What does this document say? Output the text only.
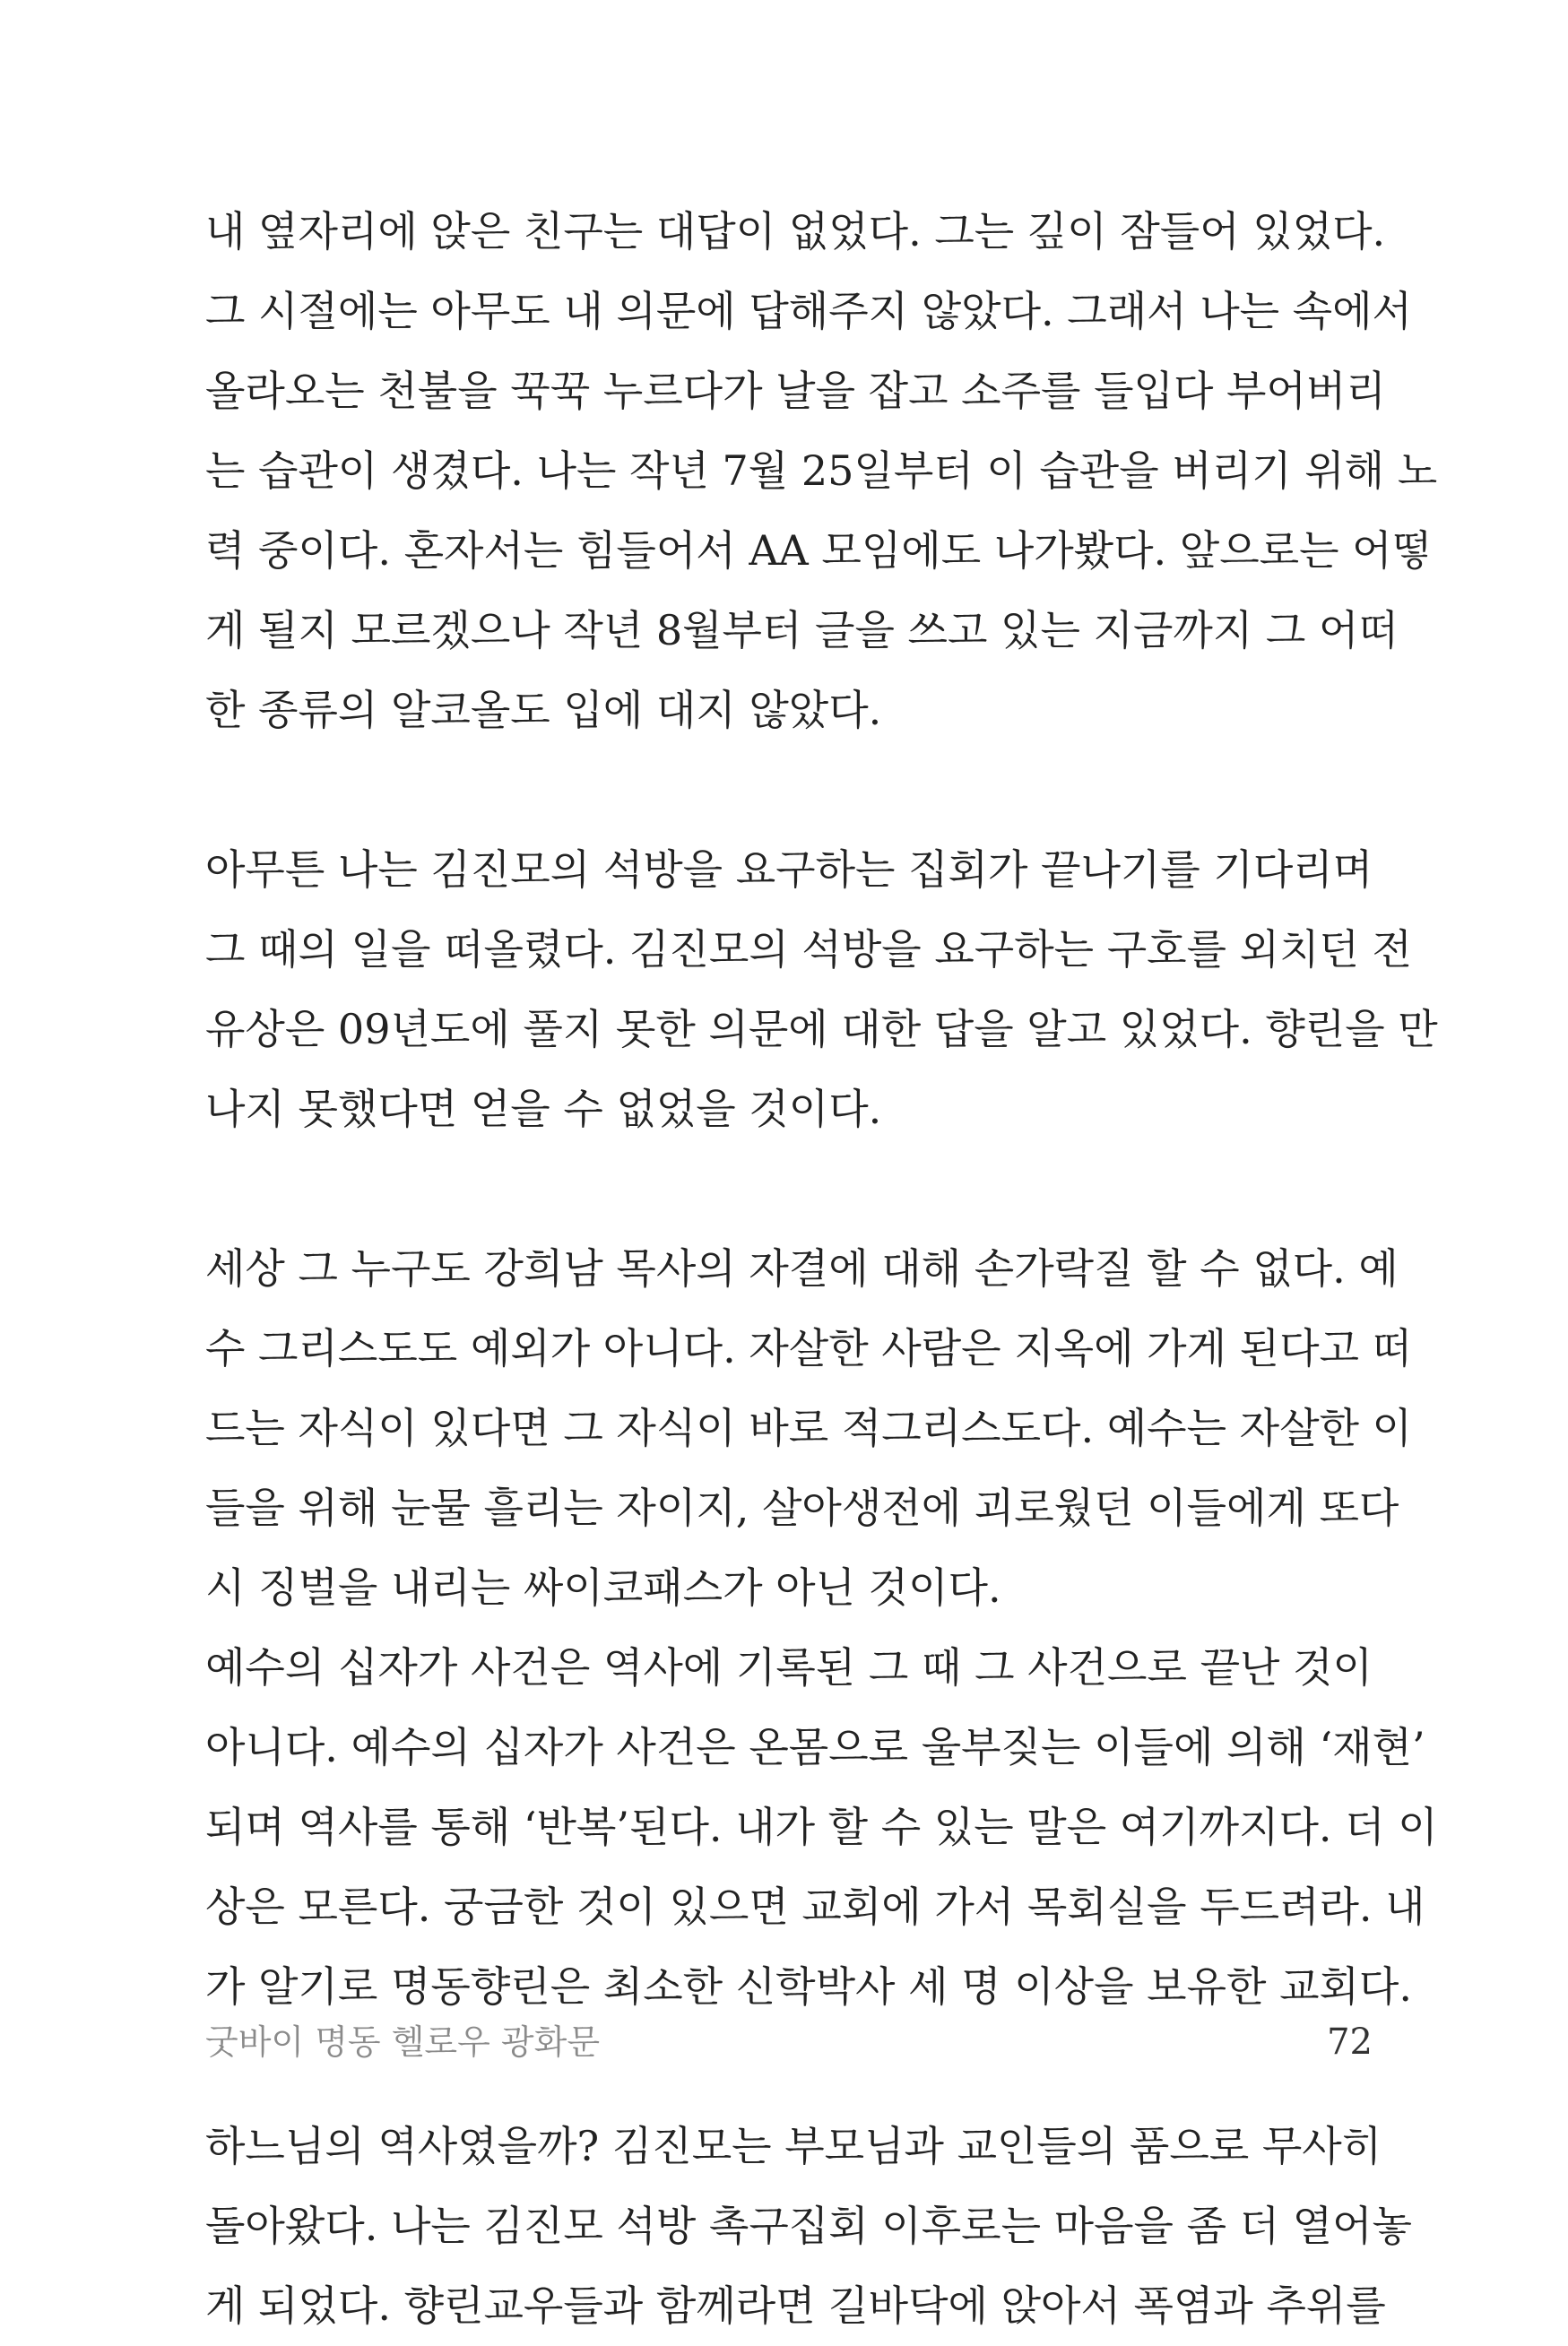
내 옆자리에 앉은 친구는 대답이 없었다. 그는 깊이 잠들어 있었다.
그 시절에는 아무도 내 의문에 답해주지 않았다. 그래서 나는 속에서
올라오는 천불을 꾹꾹 누르다가 날을 잡고 소주를 들입다 부어버리
는 습관이 생겼다. 나는 작년 7월 25일부터 이 습관을 버리기 위해 노
력 중이다. 혼자서는 힘들어서 AA 모임에도 나가봤다. 앞으로는 어떻
게 될지 모르겠으나 작년 8월부터 글을 쓰고 있는 지금까지 그 어떠
한 종류의 알코올도 입에 대지 않았다.
아무튼 나는 김진모의 석방을 요구하는 집회가 끝나기를 기다리며
그 때의 일을 떠올렸다. 김진모의 석방을 요구하는 구호를 외치던 전
유상은 09년도에 풀지 못한 의문에 대한 답을 알고 있었다. 향린을 만
나지 못했다면 얻을 수 없었을 것이다.
세상 그 누구도 강희남 목사의 자결에 대해 손가락질 할 수 없다. 예
수 그리스도도 예외가 아니다. 자살한 사람은 지옥에 가게 된다고 떠
드는 자식이 있다면 그 자식이 바로 적그리스도다. 예수는 자살한 이
들을 위해 눈물 흘리는 자이지, 살아생전에 괴로웠던 이들에게 또다
시 징벌을 내리는 싸이코패스가 아닌 것이다.
예수의 십자가 사건은 역사에 기록된 그 때 그 사건으로 끝난 것이
아니다. 예수의 십자가 사건은 온몸으로 울부짖는 이들에 의해 ‘재현’
되며 역사를 통해 ‘반복’된다. 내가 할 수 있는 말은 여기까지다. 더 이
상은 모른다. 궁금한 것이 있으면 교회에 가서 목회실을 두드려라. 내
가 알기로 명동향린은 최소한 신학박사 세 명 이상을 보유한 교회다.
하느님의 역사였을까? 김진모는 부모님과 교인들의 품으로 무사히
돌아왔다. 나는 김진모 석방 촉구집회 이후로는 마음을 좀 더 열어놓
게 되었다. 향린교우들과 함께라면 길바닥에 앉아서 폭염과 추위를
굿바이 명동 헬로우 광화문	72
